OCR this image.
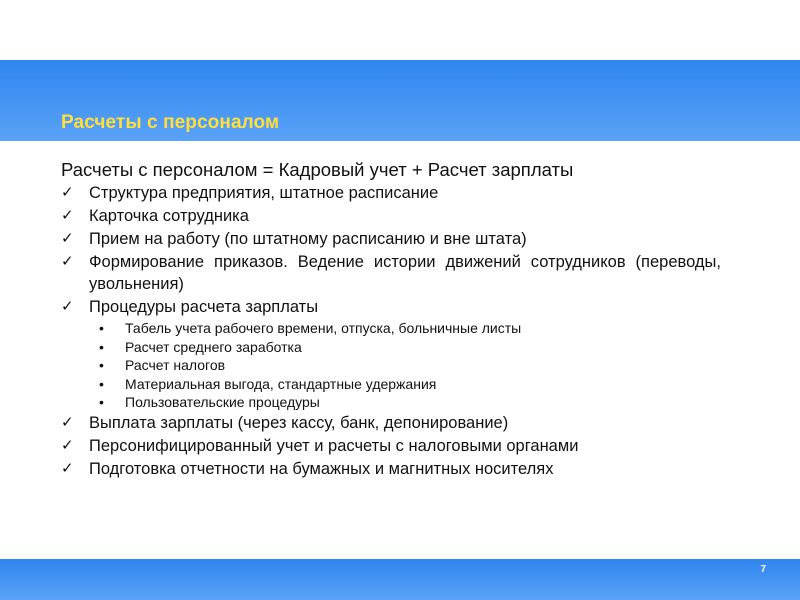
Расчеты с персоналом
Расчеты с персоналом = Кадровый учет + Расчет зарплаты
✓ Структура предприятия, штатное расписание
✓ Карточка сотрудника
✓ Прием на работу (по штатному расписанию и вне штата)
✓ Формирование приказов. Ведение истории движений сотрудников (переводы, увольнения)
✓ Процедуры расчета зарплаты
•	Табель учета рабочего времени, отпуска, больничные листы
•	Расчет среднего заработка
•	Расчет налогов
•	Материальная выгода, стандартные удержания
•	Пользовательские процедуры
✓ Выплата зарплаты (через кассу, банк, депонирование)
✓ Персонифицированный учет и расчеты с налоговыми органами
✓ Подготовка отчетности на бумажных и магнитных носителях
7
